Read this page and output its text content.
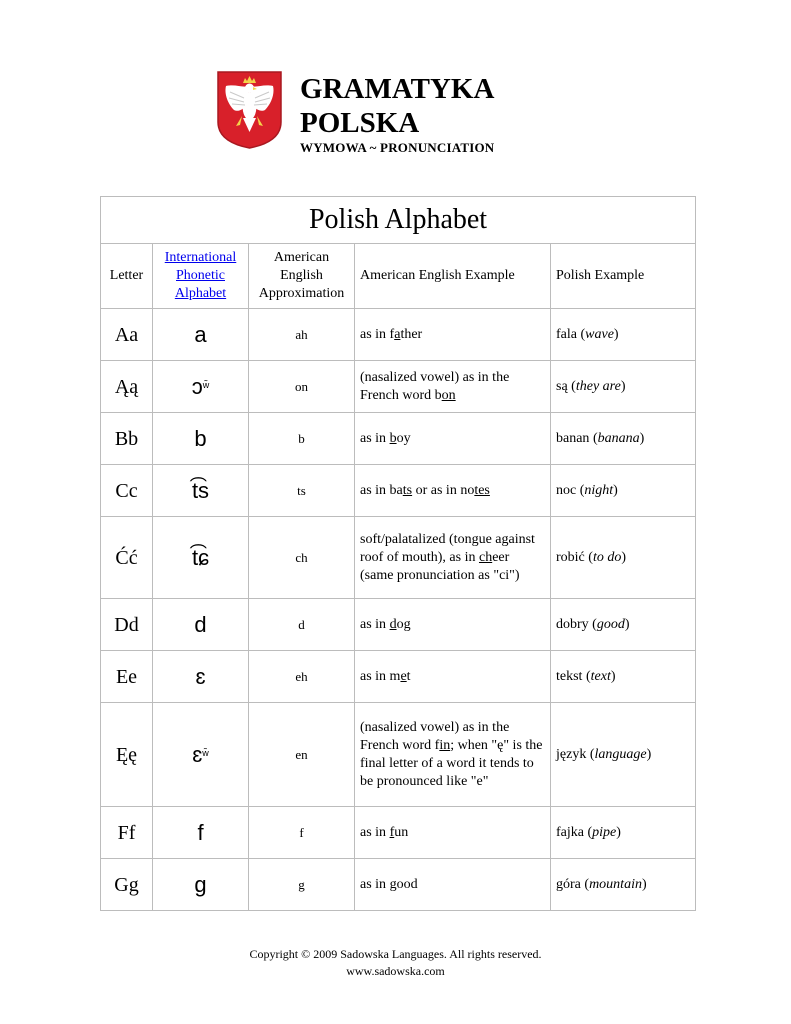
GRAMATYKA
POLSKA
WYMOWA ~ PRONUNCIATION
Polish Alphabet				
Letter	International Phonetic Alphabet	American English Approximation	American English Example	Polish Example
Aa	a	ah	as in father	fala (wave)
Ąą	ɔ$^{w̃}$	on	(nasalized vowel) as in the French word bon	są (they are)
Bb	b	b	as in boy	banan (banana)
Cc	t͡s	ts	as in bats or as in notes	noc (night)
Ćć	t͡ɕ	ch	soft/palatalized (tongue against roof of mouth), as in cheer (same pronunciation as "ci")	robić (to do)
Dd	d	d	as in dog	dobry (good)
Ee	ɛ	eh	as in met	tekst (text)
Ęę	ɛ$^{w̃}$	en	(nasalized vowel) as in the French word fin; when "ę" is the final letter of a word it tends to be pronounced like "e"	język (language)
Ff	f	f	as in fun	fajka (pipe)
Gg	g	g	as in good	góra (mountain)
Copyright © 2009 Sadowska Languages. All rights reserved.
www.sadowska.com
